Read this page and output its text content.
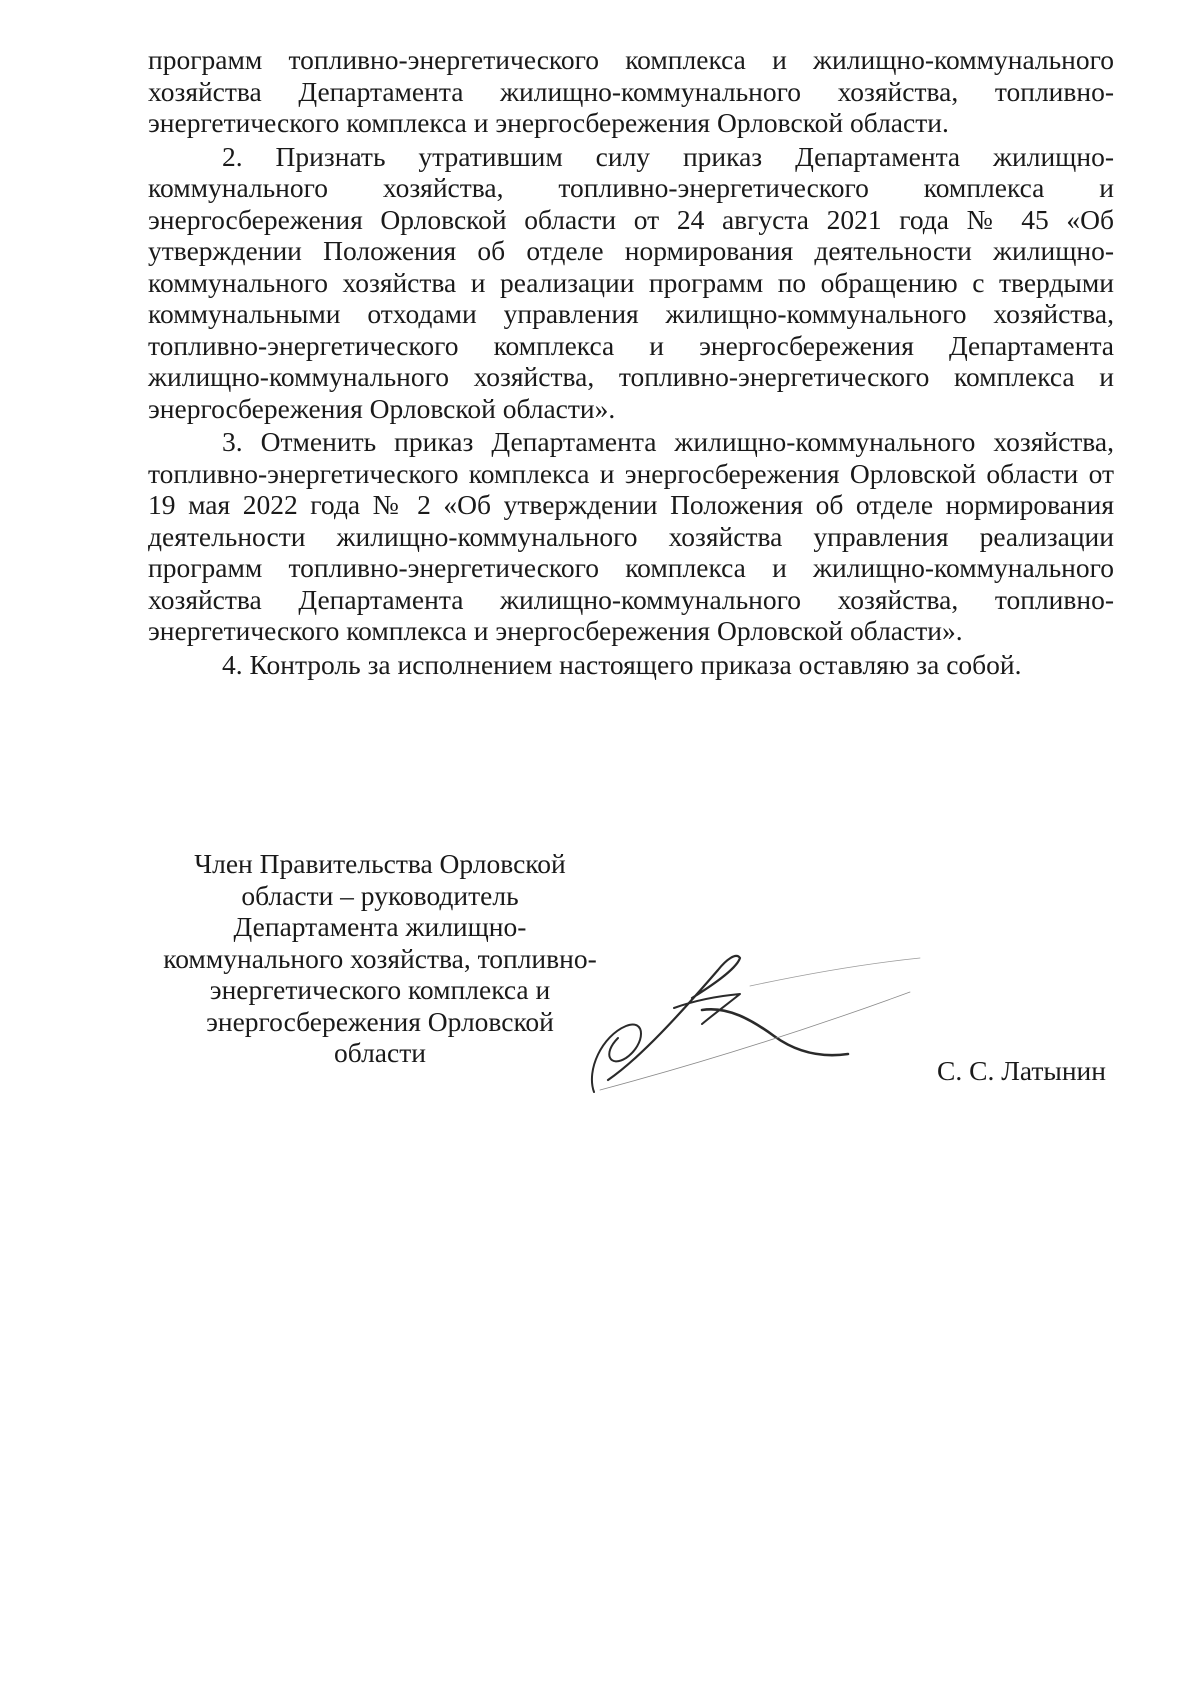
программ топливно-энергетического комплекса и жилищно-коммунального хозяйства Департамента жилищно-коммунального хозяйства, топливно-энергетического комплекса и энергосбережения Орловской области.

2. Признать утратившим силу приказ Департамента жилищно-коммунального хозяйства, топливно-энергетического комплекса и энергосбережения Орловской области от 24 августа 2021 года № 45 «Об утверждении Положения об отделе нормирования деятельности жилищно-коммунального хозяйства и реализации программ по обращению с твердыми коммунальными отходами управления жилищно-коммунального хозяйства, топливно-энергетического комплекса и энергосбережения Департамента жилищно-коммунального хозяйства, топливно-энергетического комплекса и энергосбережения Орловской области».

3. Отменить приказ Департамента жилищно-коммунального хозяйства, топливно-энергетического комплекса и энергосбережения Орловской области от 19 мая 2022 года № 2 «Об утверждении Положения об отделе нормирования деятельности жилищно-коммунального хозяйства управления реализации программ топливно-энергетического комплекса и жилищно-коммунального хозяйства Департамента жилищно-коммунального хозяйства, топливно-энергетического комплекса и энергосбережения Орловской области».

4. Контроль за исполнением настоящего приказа оставляю за собой.

Член Правительства Орловской
области – руководитель
Департамента жилищно-
коммунального хозяйства, топливно-
энергетического комплекса и
энергосбережения Орловской
области
С. С. Латынин
